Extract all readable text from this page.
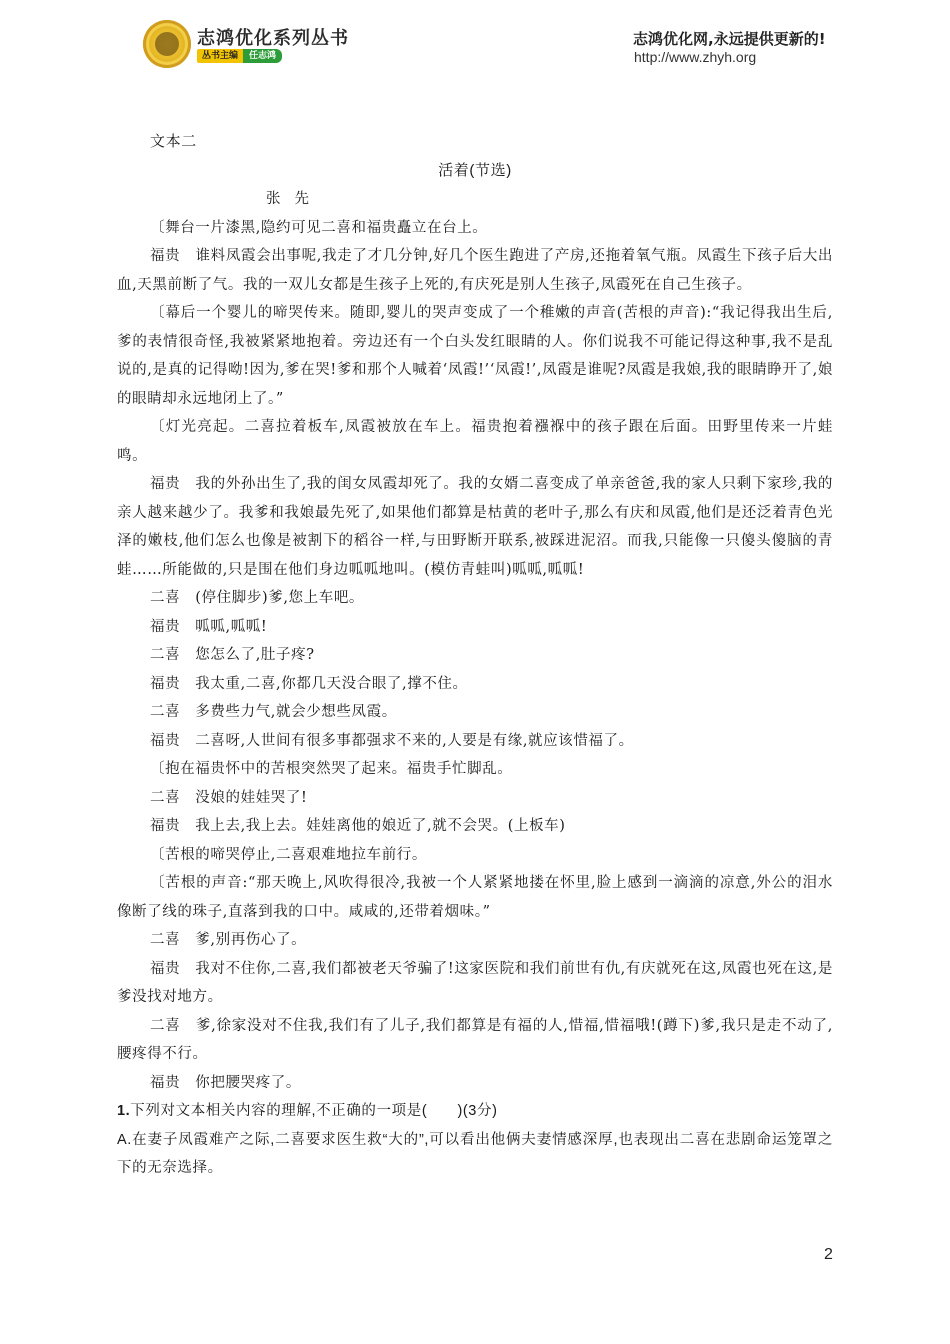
志鸿优化系列丛书
丛书主编	任志鸿
志鸿优化网,永远提供更新的!
http://www.zhyh.org

文本二

活着(节选)

张先

〔舞台一片漆黑,隐约可见二喜和福贵矗立在台上。

福贵　谁料凤霞会出事呢,我走了才几分钟,好几个医生跑进了产房,还拖着氧气瓶。凤霞生下孩子后大出血,天黑前断了气。我的一双儿女都是生孩子上死的,有庆死是别人生孩子,凤霞死在自己生孩子。

〔幕后一个婴儿的啼哭传来。随即,婴儿的哭声变成了一个稚嫩的声音(苦根的声音):“我记得我出生后,爹的表情很奇怪,我被紧紧地抱着。旁边还有一个白头发红眼睛的人。你们说我不可能记得这种事,我不是乱说的,是真的记得呦!因为,爹在哭!爹和那个人喊着‘凤霞!’‘凤霞!’,凤霞是谁呢?凤霞是我娘,我的眼睛睁开了,娘的眼睛却永远地闭上了。”

〔灯光亮起。二喜拉着板车,凤霞被放在车上。福贵抱着襁褓中的孩子跟在后面。田野里传来一片蛙鸣。

福贵　我的外孙出生了,我的闺女凤霞却死了。我的女婿二喜变成了单亲爸爸,我的家人只剩下家珍,我的亲人越来越少了。我爹和我娘最先死了,如果他们都算是枯黄的老叶子,那么有庆和凤霞,他们是还泛着青色光泽的嫩枝,他们怎么也像是被割下的稻谷一样,与田野断开联系,被踩进泥沼。而我,只能像一只傻头傻脑的青蛙……所能做的,只是围在他们身边呱呱地叫。(模仿青蛙叫)呱呱,呱呱!

二喜　(停住脚步)爹,您上车吧。

福贵　呱呱,呱呱!

二喜　您怎么了,肚子疼?

福贵　我太重,二喜,你都几天没合眼了,撑不住。

二喜　多费些力气,就会少想些凤霞。

福贵　二喜呀,人世间有很多事都强求不来的,人要是有缘,就应该惜福了。

〔抱在福贵怀中的苦根突然哭了起来。福贵手忙脚乱。

二喜　没娘的娃娃哭了!

福贵　我上去,我上去。娃娃离他的娘近了,就不会哭。(上板车)

〔苦根的啼哭停止,二喜艰难地拉车前行。

〔苦根的声音:“那天晚上,风吹得很冷,我被一个人紧紧地搂在怀里,脸上感到一滴滴的凉意,外公的泪水像断了线的珠子,直落到我的口中。咸咸的,还带着烟味。”

二喜　爹,别再伤心了。

福贵　我对不住你,二喜,我们都被老天爷骗了!这家医院和我们前世有仇,有庆就死在这,凤霞也死在这,是爹没找对地方。

二喜　爹,徐家没对不住我,我们有了儿子,我们都算是有福的人,惜福,惜福哦!(蹲下)爹,我只是走不动了,腰疼得不行。

福贵　你把腰哭疼了。

1.下列对文本相关内容的理解,不正确的一项是(　　)(3分)

A.在妻子凤霞难产之际,二喜要求医生救“大的”,可以看出他俩夫妻情感深厚,也表现出二喜在悲剧命运笼罩之下的无奈选择。

2
